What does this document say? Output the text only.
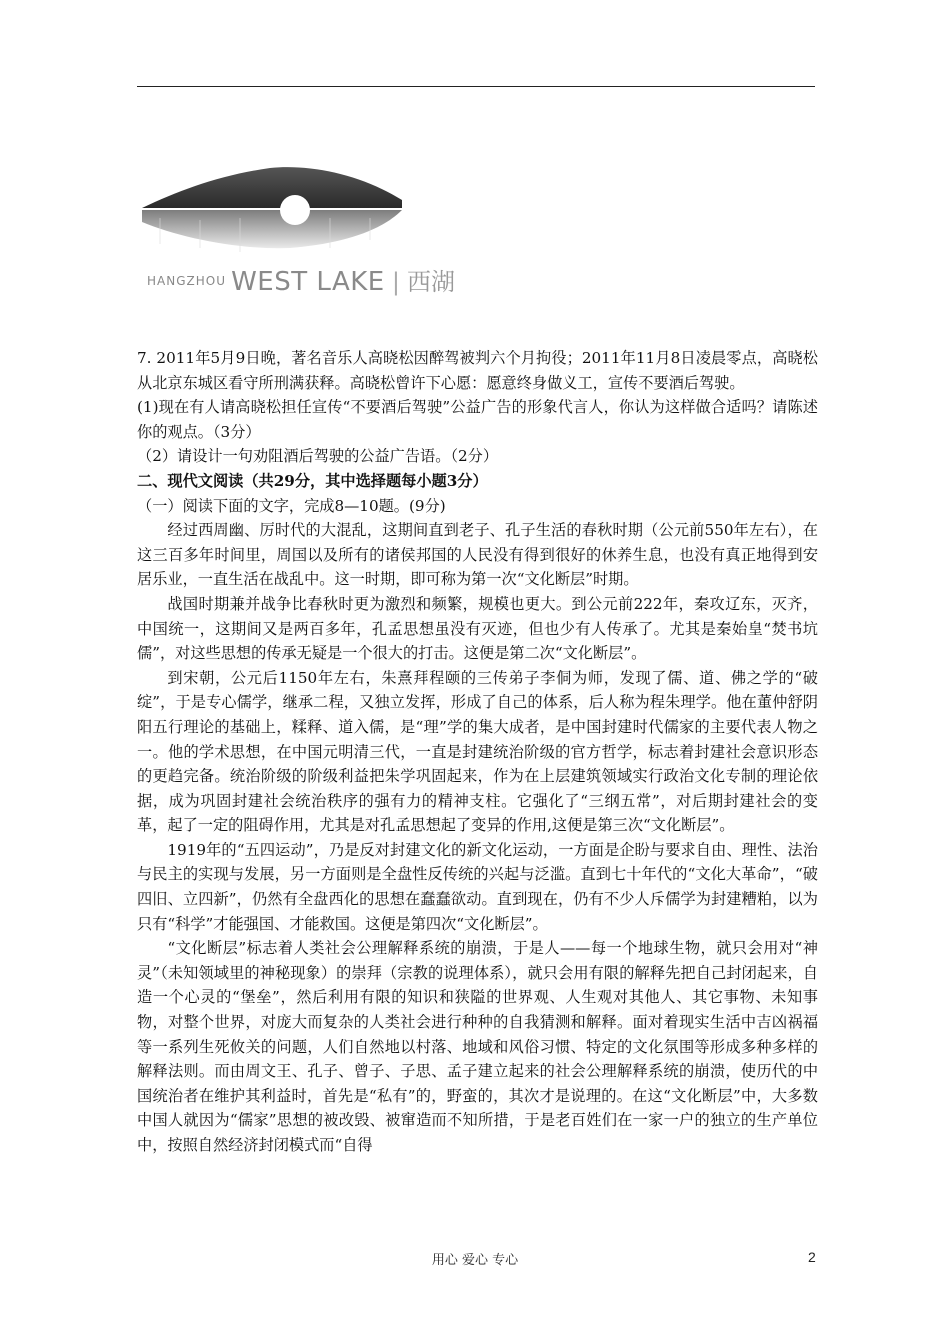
$^{HANGZHOU}$ WEST LAKE | 西湖

7. 2011年5月9日晚，著名音乐人高晓松因醉驾被判六个月拘役；2011年11月8日凌晨零点，高晓松从北京东城区看守所刑满获释。高晓松曾许下心愿：愿意终身做义工，宣传不要酒后驾驶。

(1)现在有人请高晓松担任宣传“不要酒后驾驶”公益广告的形象代言人，你认为这样做合适吗？请陈述你的观点。（3分）

（2）请设计一句劝阻酒后驾驶的公益广告语。（2分）

二、现代文阅读（共29分，其中选择题每小题3分）

（一）阅读下面的文字，完成8—10题。(9分)

经过西周幽、厉时代的大混乱，这期间直到老子、孔子生活的春秋时期（公元前550年左右），在这三百多年时间里，周国以及所有的诸侯邦国的人民没有得到很好的休养生息，也没有真正地得到安居乐业，一直生活在战乱中。这一时期，即可称为第一次“文化断层”时期。

战国时期兼并战争比春秋时更为激烈和频繁，规模也更大。到公元前222年，秦攻辽东，灭齐，中国统一，这期间又是两百多年，孔孟思想虽没有灭迹，但也少有人传承了。尤其是秦始皇“焚书坑儒”，对这些思想的传承无疑是一个很大的打击。这便是第二次“文化断层”。

到宋朝，公元后1150年左右，朱熹拜程颐的三传弟子李侗为师，发现了儒、道、佛之学的“破绽”，于是专心儒学，继承二程，又独立发挥，形成了自己的体系，后人称为程朱理学。他在董仲舒阴阳五行理论的基础上，糅释、道入儒，是“理”学的集大成者，是中国封建时代儒家的主要代表人物之一。他的学术思想，在中国元明清三代，一直是封建统治阶级的官方哲学，标志着封建社会意识形态的更趋完备。统治阶级的阶级利益把朱学巩固起来，作为在上层建筑领域实行政治文化专制的理论依据，成为巩固封建社会统治秩序的强有力的精神支柱。它强化了“三纲五常”，对后期封建社会的变革，起了一定的阻碍作用，尤其是对孔孟思想起了变异的作用,这便是第三次“文化断层”。

1919年的“五四运动”，乃是反对封建文化的新文化运动，一方面是企盼与要求自由、理性、法治与民主的实现与发展，另一方面则是全盘性反传统的兴起与泛滥。直到七十年代的“文化大革命”，“破四旧、立四新”，仍然有全盘西化的思想在蠢蠢欲动。直到现在，仍有不少人斥儒学为封建糟粕，以为只有“科学”才能强国、才能救国。这便是第四次“文化断层”。

“文化断层”标志着人类社会公理解释系统的崩溃，于是人——每一个地球生物，就只会用对“神灵”（未知领域里的神秘现象）的崇拜（宗教的说理体系），就只会用有限的解释先把自己封闭起来，自造一个心灵的“堡垒”，然后利用有限的知识和狭隘的世界观、人生观对其他人、其它事物、未知事物，对整个世界，对庞大而复杂的人类社会进行种种的自我猜测和解释。面对着现实生活中吉凶祸福等一系列生死攸关的问题，人们自然地以村落、地域和风俗习惯、特定的文化氛围等形成多种多样的解释法则。而由周文王、孔子、曾子、子思、孟子建立起来的社会公理解释系统的崩溃，使历代的中国统治者在维护其利益时，首先是“私有”的，野蛮的，其次才是说理的。在这“文化断层”中，大多数中国人就因为“儒家”思想的被改毁、被窜造而不知所措，于是老百姓们在一家一户的独立的生产单位中，按照自然经济封闭模式而“自得

用心 爱心 专心	2
